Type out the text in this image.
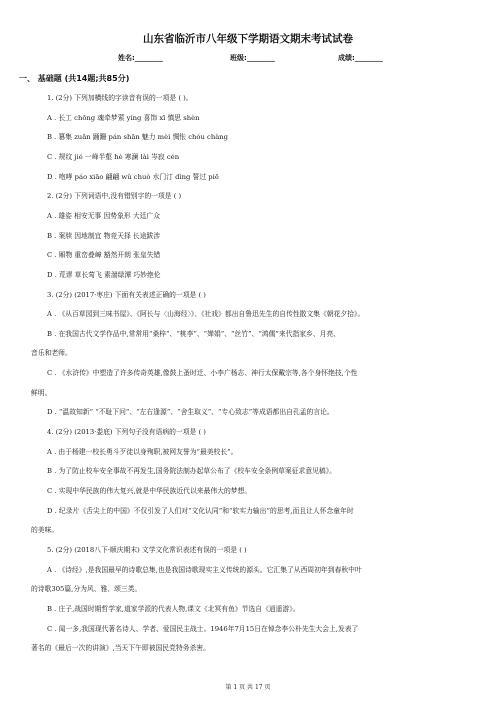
山东省临沂市八年级下学期语文期末考试试卷
姓名:________	班级:________	成绩:________
一、 基础题 (共14题;共85分)
1. (2分) 下列加横线的字读音有误的一项是 ( )。
A . 长工 chōng 魂牵梦萦 yíng 喜饰 xī 慎思 shèn
B . 篡集 zuǎn 踊跚 pán shān 魅力 mèi 惆怅 chóu chàng
C . 规纹 jié 一峰半壑 hè 寒澜 lài 岑寂 cén
D . 咆哮 páo xiāo 翩翩 wǔ chuò 水门汀 dìng 誓过 piē
2. (2分) 下列词语中,没有错别字的一项是 ( )
A . 雄姿 相安无事 因势象形 大廷广众
B . 案牍 因地制宜 物竞天择 长途跋涉
C . 厢物 重峦叠嶂 豁然开朗 张皇失错
D . 荒谬 草长莺飞 素湍绿潭 巧妙绝伦
3. (2分) (2017·枣庄) 下面有关表述正确的一项是 ( )
A . 《从百草园到三味书屋》、《阿长与〈山海经〉》、《社戏》都出自鲁迅先生的自传性散文集《朝花夕拾》。
B . 在我国古代文学作品中,常常用“桑梓”、“桃李”、“婵娟”、“丝竹”、“鸿儒”来代指家乡、月亮、
音乐和老师。
C . 《水浒传》中塑造了许多传奇英雄,像鼓上蚤时迁、小李广杨志、神行太保戴宗等,各个身怀绝技,个性
鲜明。
D . “温故知新” “不耻下问”、“左右逢源”、“舍生取义”、“专心致志”等成语都出自孔孟的言论。
4. (2分) (2013·娄底) 下列句子没有语病的一项是 ( )
A . 由于杨建一校长勇斗歹徒以身殉职,被网友誉为“最美校长”。
B . 为了防止校车安全事故不再发生,国务院法制办起草公布了《校车安全条例草案征求意见稿》。
C . 实现中华民族的伟大复兴,就是中华民族近代以来最伟大的梦想。
D . 纪录片《舌尖上的中国》不仅引发了人们对“文化认同”和“软实力输出”的思考,而且让人怀念童年时
的美味。
5. (2分) (2018八下·顺庆期末) 文学文化常识表述有误的一项是 ( )
A . 《诗经》,是我国最早的诗歌总集,也是我国诗歌现实主义传统的源头。它汇集了从西周初年到春秋中叶
的诗歌305篇,分为风、雅、颂三类。
B . 庄子,战国时期哲学家,道家学派的代表人物,课文《北冥有鱼》节选自《逍遥游》。
C . 闻一多,我国现代著名诗人、学者、爱国民主战士。1946年7月15日在悼念李公朴先生大会上,发表了
著名的《最后一次的讲演》,当天下午即被国民党特务杀害。
第 1 页 共 17 页
